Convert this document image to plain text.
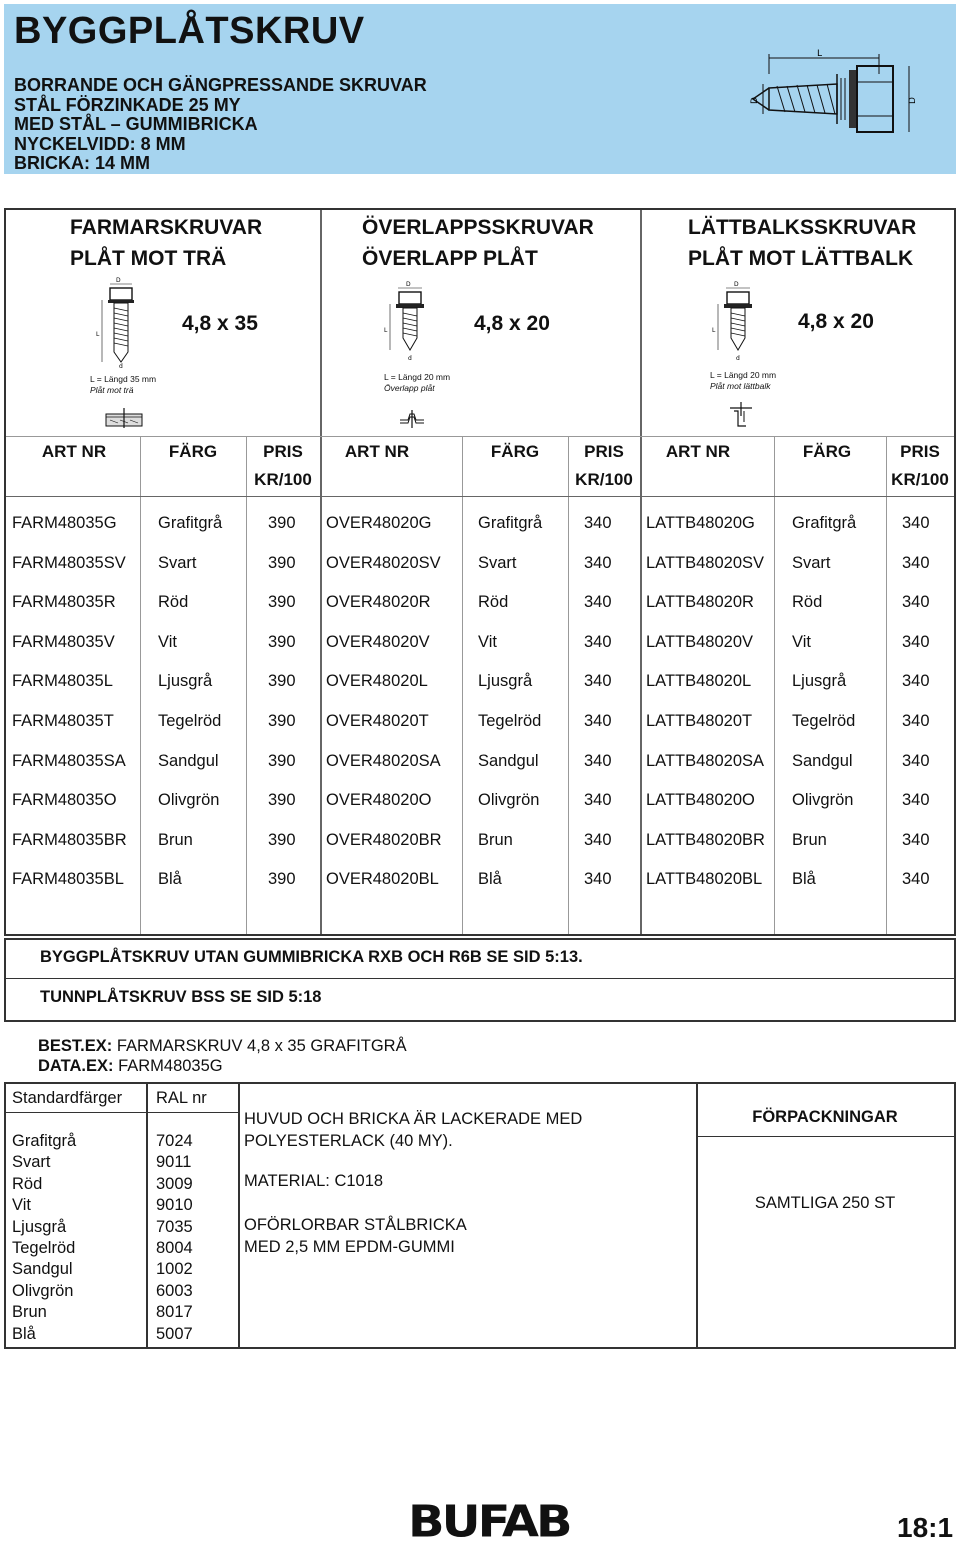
BYGGPLÅTSKRUV
BORRANDE OCH GÄNGPRESSANDE SKRUVAR
STÅL FÖRZINKADE 25 MY
MED STÅL – GUMMIBRICKA
NYCKELVIDD: 8 MM
BRICKA: 14 MM
L
D	D
FARMARSKRUVAR
PLÅT MOT TRÄ
D
L
d
4,8 x 35
L = Längd 35 mm
Plåt mot trä
ÖVERLAPPSSKRUVAR
ÖVERLAPP PLÅT
D
L
d
4,8 x 20
L = Längd 20 mm
Överlapp plåt
LÄTTBALKSSKRUVAR
PLÅT MOT LÄTTBALK
D
L
d
4,8 x 20
L = Längd 20 mm
Plåt mot lättbalk
ART NR	FÄRG	PRIS
KR/100
ART NR	FÄRG	PRIS
KR/100
ART NR	FÄRG	PRIS
KR/100
FARM48035G	Grafitgrå	390 OVER48020G	Grafitgrå	340 LATTB48020G Grafitgrå	340
FARM48035SV Svart	390 OVER48020SV Svart	340 LATTB48020SV Svart	340
FARM48035R	Röd	390 OVER48020R	Röd	340 LATTB48020R Röd	340
FARM48035V	Vit	390 OVER48020V	Vit	340 LATTB48020V Vit	340
FARM48035L	Ljusgrå	390 OVER48020L	Ljusgrå	340 LATTB48020L Ljusgrå	340
FARM48035T	Tegelröd	390 OVER48020T	Tegelröd	340 LATTB48020T Tegelröd	340
FARM48035SA Sandgul	390 OVER48020SA Sandgul	340 LATTB48020SA Sandgul	340
FARM48035O	Olivgrön	390 OVER48020O	Olivgrön	340 LATTB48020O Olivgrön	340
FARM48035BR Brun	390 OVER48020BR Brun	340 LATTB48020BR Brun	340
FARM48035BL Blå	390 OVER48020BL Blå	340 LATTB48020BL Blå	340
BYGGPLÅTSKRUV UTAN GUMMIBRICKA RXB OCH R6B SE SID 5:13.
TUNNPLÅTSKRUV BSS SE SID 5:18
BEST.EX: FARMARSKRUV 4,8 x 35 GRAFITGRÅ
DATA.EX: FARM48035G
Standardfärger RAL nr
Grafitgrå	7024
Svart	9011
Röd	3009
Vit	9010
Ljusgrå	7035
Tegelröd	8004
Sandgul	1002
Olivgrön	6003
Brun	8017
Blå	5007
HUVUD OCH BRICKA ÄR LACKERADE MED
POLYESTERLACK (40 MY).
MATERIAL: C1018
OFÖRLORBAR STÅLBRICKA
MED 2,5 MM EPDM-GUMMI
FÖRPACKNINGAR
SAMTLIGA 250 ST
BUFAB	18:1
